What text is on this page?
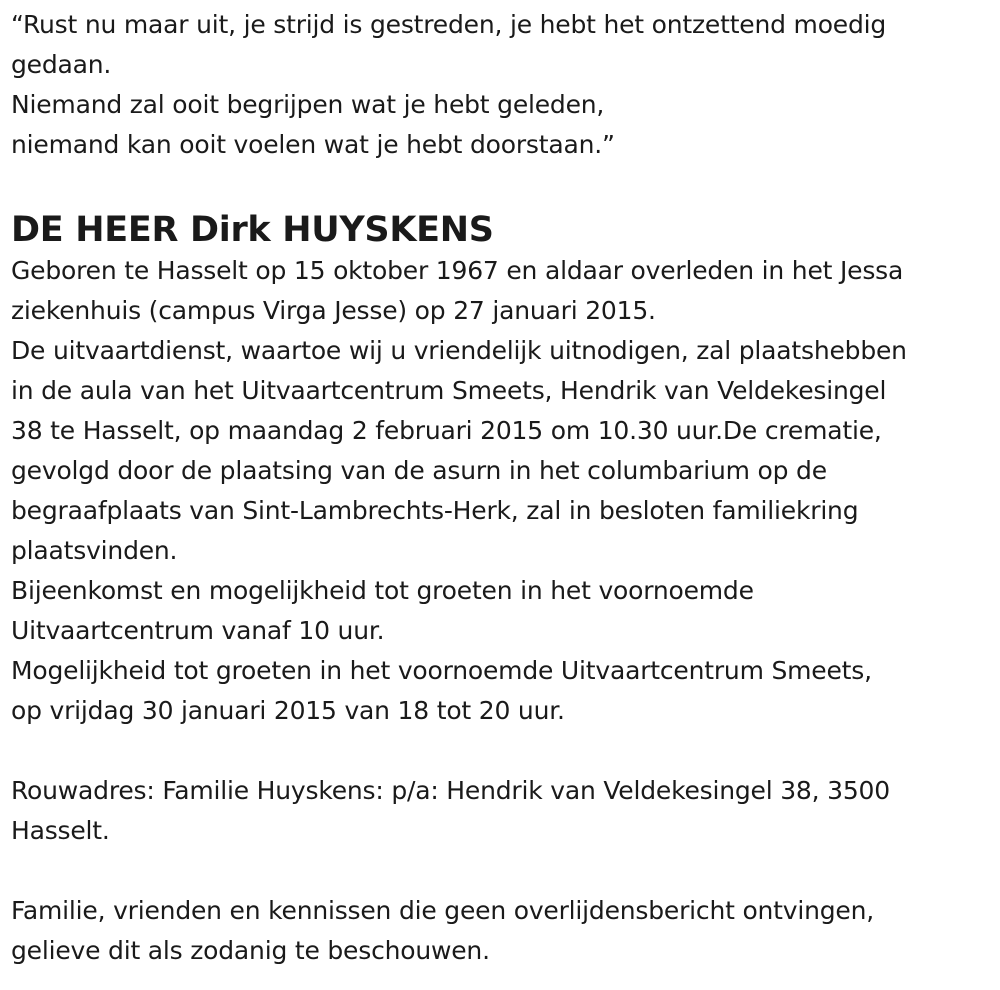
“Rust nu maar uit, je strijd is gestreden, je hebt het ontzettend moedig
gedaan.
Niemand zal ooit begrijpen wat je hebt geleden,
niemand kan ooit voelen wat je hebt doorstaan.”
DE HEER Dirk HUYSKENS
Geboren te Hasselt op 15 oktober 1967 en aldaar overleden in het Jessa
ziekenhuis (campus Virga Jesse) op 27 januari 2015.
De uitvaartdienst, waartoe wij u vriendelijk uitnodigen, zal plaatshebben
in de aula van het Uitvaartcentrum Smeets, Hendrik van Veldekesingel
38 te Hasselt, op maandag 2 februari 2015 om 10.30 uur.De crematie,
gevolgd door de plaatsing van de asurn in het columbarium op de
begraafplaats van Sint-Lambrechts-Herk, zal in besloten familiekring
plaatsvinden.
Bijeenkomst en mogelijkheid tot groeten in het voornoemde
Uitvaartcentrum vanaf 10 uur.
Mogelijkheid tot groeten in het voornoemde Uitvaartcentrum Smeets,
op vrijdag 30 januari 2015 van 18 tot 20 uur.
Rouwadres: Familie Huyskens: p/a: Hendrik van Veldekesingel 38, 3500
Hasselt.
Familie, vrienden en kennissen die geen overlijdensbericht ontvingen,
gelieve dit als zodanig te beschouwen.
